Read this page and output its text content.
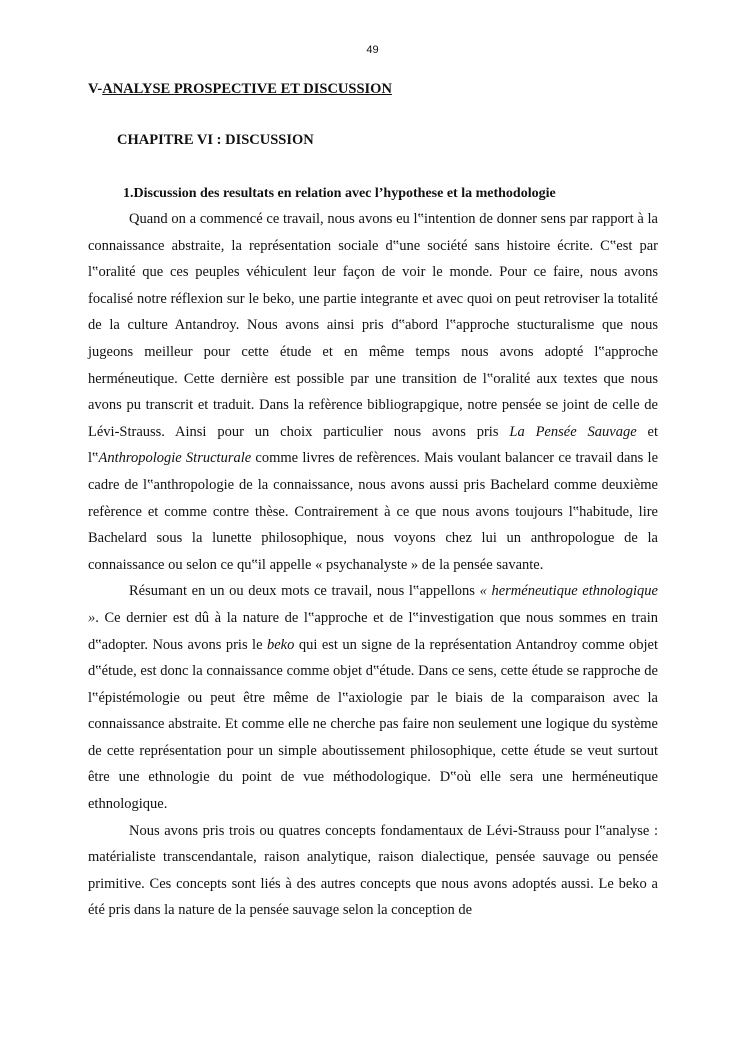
49
V-ANALYSE PROSPECTIVE ET DISCUSSION
CHAPITRE VI : DISCUSSION
1.Discussion des resultats en relation avec l’hypothese et la methodologie

Quand on a commencé ce travail, nous avons eu l‟intention de donner sens par rapport à la connaissance abstraite, la représentation sociale d‟une société sans histoire écrite. C‟est par l‟oralité que ces peuples véhiculent leur façon de voir le monde. Pour ce faire, nous avons focalisé notre réflexion sur le beko, une partie integrante et avec quoi on peut retroviser la totalité de la culture Antandroy. Nous avons ainsi pris d‟abord l‟approche stucturalisme que nous jugeons meilleur pour cette étude et en même temps nous avons adopté l‟approche herméneutique. Cette dernière est possible par une transition de l‟oralité aux textes que nous avons pu transcrit et traduit. Dans la refèrence bibliograpgique, notre pensée se joint de celle de Lévi-Strauss. Ainsi pour un choix particulier nous avons pris La Pensée Sauvage et l‟Anthropologie Structurale comme livres de refèrences. Mais voulant balancer ce travail dans le cadre de l‟anthropologie de la connaissance, nous avons aussi pris Bachelard comme deuxième refèrence et comme contre thèse. Contrairement à ce que nous avons toujours l‟habitude, lire Bachelard sous la lunette philosophique, nous voyons chez lui un anthropologue de la connaissance ou selon ce qu‟il appelle « psychanalyste » de la pensée savante.

Résumant en un ou deux mots ce travail, nous l‟appellons « herméneutique ethnologique ». Ce dernier est dû à la nature de l‟approche et de l‟investigation que nous sommes en train d‟adopter. Nous avons pris le beko qui est un signe de la représentation Antandroy comme objet d‟étude, est donc la connaissance comme objet d‟étude. Dans ce sens, cette étude se rapproche de l‟épistémologie ou peut être même de l‟axiologie par le biais de la comparaison avec la connaissance abstraite. Et comme elle ne cherche pas faire non seulement une logique du système de cette représentation pour un simple aboutissement philosophique, cette étude se veut surtout être une ethnologie du point de vue méthodologique. D‟où elle sera une herméneutique ethnologique.

Nous avons pris trois ou quatres concepts fondamentaux de Lévi-Strauss pour l‟analyse : matérialiste transcendantale, raison analytique, raison dialectique, pensée sauvage ou pensée primitive. Ces concepts sont liés à des autres concepts que nous avons adoptés aussi. Le beko a été pris dans la nature de la pensée sauvage selon la conception de
